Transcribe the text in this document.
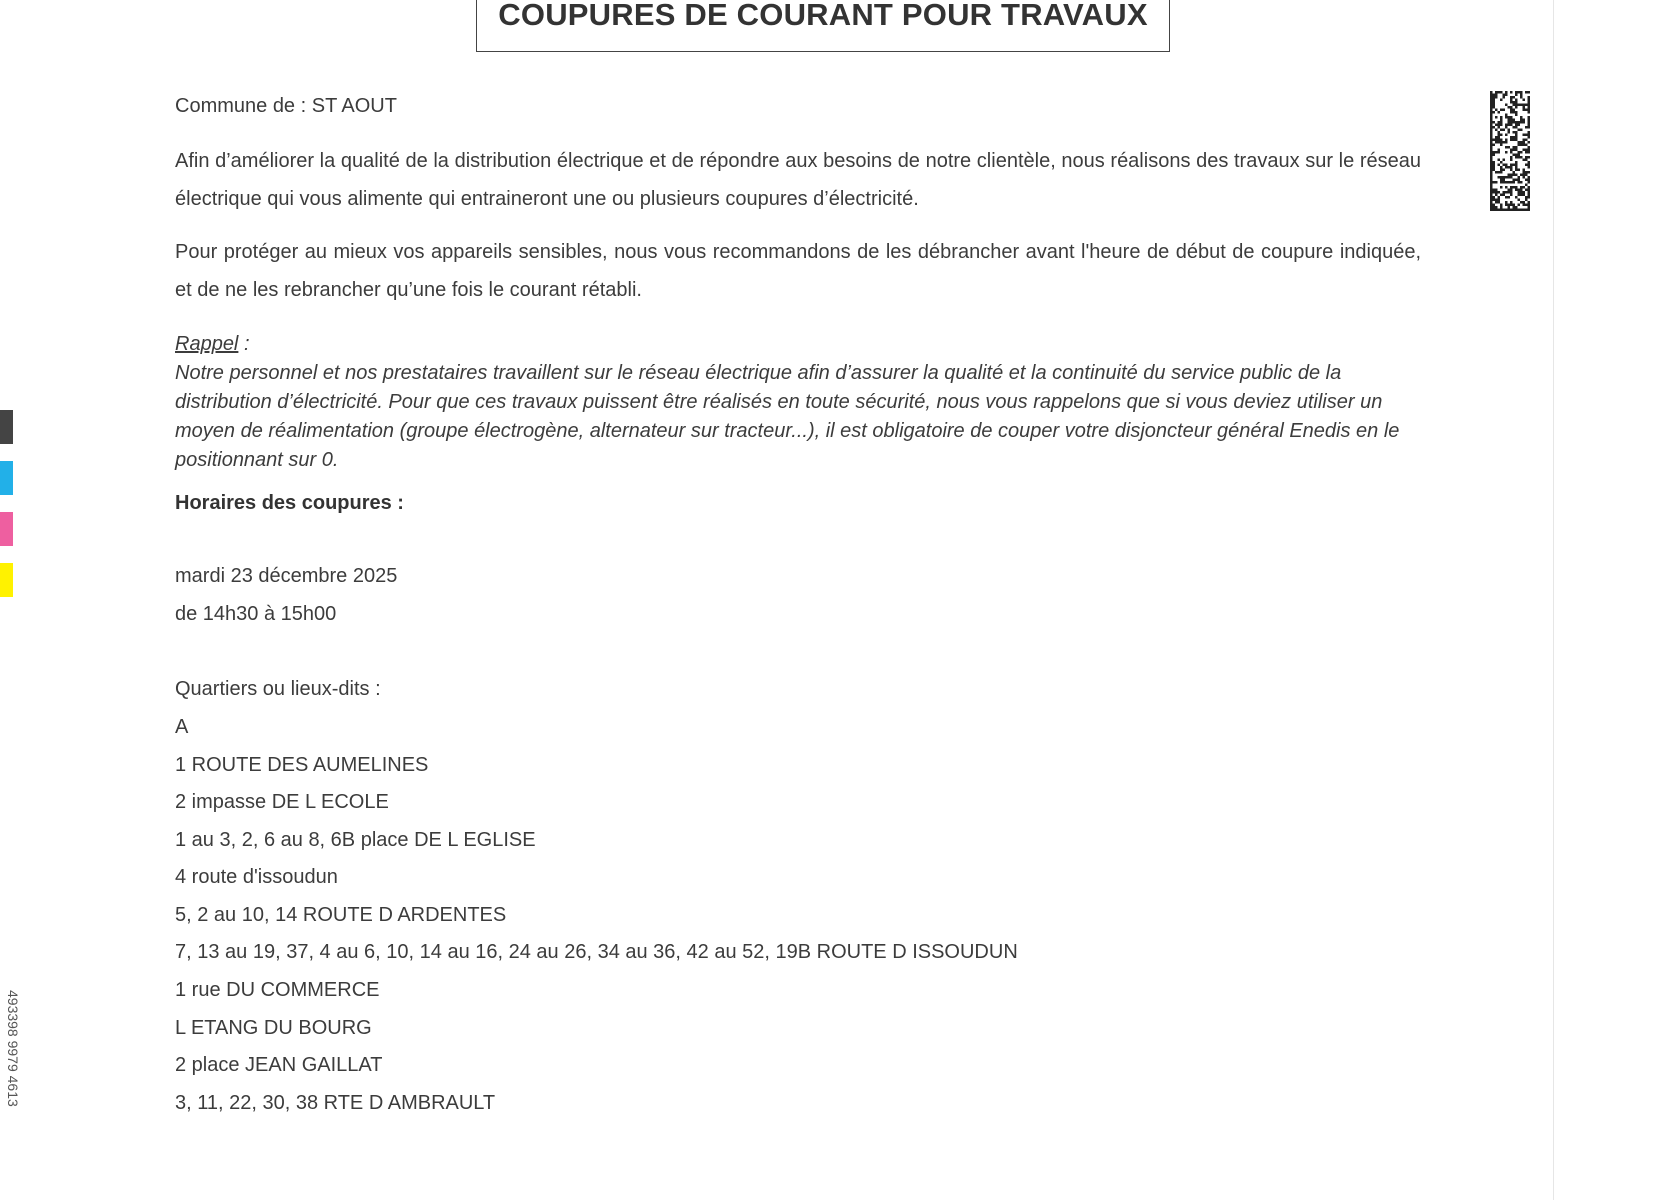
COUPURES DE COURANT POUR TRAVAUX
Commune de : ST AOUT
Afin d’améliorer la qualité de la distribution électrique et de répondre aux besoins de notre clientèle, nous réalisons des travaux sur le réseau électrique qui vous alimente qui entraineront une ou plusieurs coupures d’électricité.
Pour protéger au mieux vos appareils sensibles, nous vous recommandons de les débrancher avant l'heure de début de coupure indiquée, et de ne les rebrancher qu’une fois le courant rétabli.
Rappel :
Notre personnel et nos prestataires travaillent sur le réseau électrique afin d’assurer la qualité et la continuité du service public de la distribution d’électricité. Pour que ces travaux puissent être réalisés en toute sécurité, nous vous rappelons que si vous deviez utiliser un moyen de réalimentation (groupe électrogène, alternateur sur tracteur...), il est obligatoire de couper votre disjoncteur général Enedis en le positionnant sur 0.
Horaires des coupures :
mardi 23 décembre 2025
de 14h30 à 15h00
Quartiers ou lieux-dits :
A
1 ROUTE DES AUMELINES
2 impasse DE L ECOLE
1 au 3, 2, 6 au 8, 6B place DE L EGLISE
4 route d'issoudun
5, 2 au 10, 14 ROUTE D ARDENTES
7, 13 au 19, 37, 4 au 6, 10, 14 au 16, 24 au 26, 34 au 36, 42 au 52, 19B ROUTE D ISSOUDUN
1 rue DU COMMERCE
L ETANG DU BOURG
2 place JEAN GAILLAT
3, 11, 22, 30, 38 RTE D AMBRAULT
493398 9979 4613
